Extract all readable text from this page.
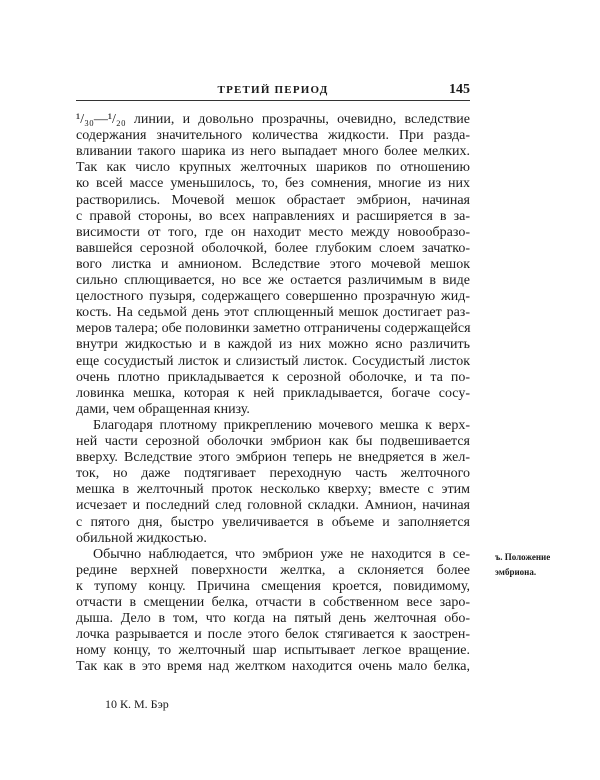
ТРЕТИЙ ПЕРИОД	145
¹/₃₀—¹/₂₀ линии, и довольно прозрачны, очевидно, вследствие
содержания значительного количества жидкости. При разда-
вливании такого шарика из него выпадает много более мелких.
Так как число крупных желточных шариков по отношению
ко всей массе уменьшилось, то, без сомнения, многие из них
растворились. Мочевой мешок обрастает эмбрион, начиная
с правой стороны, во всех направлениях и расширяется в за-
висимости от того, где он находит место между новообразо-
вавшейся серозной оболочкой, более глубоким слоем зачатко-
вого листка и амнионом. Вследствие этого мочевой мешок
сильно сплющивается, но все же остается различимым в виде
целостного пузыря, содержащего совершенно прозрачную жид-
кость. На седьмой день этот сплющенный мешок достигает раз-
меров талера; обе половинки заметно отграничены содержащейся
внутри жидкостью и в каждой из них можно ясно различить
еще сосудистый листок и слизистый листок. Сосудистый листок
очень плотно прикладывается к серозной оболочке, и та по-
ловинка мешка, которая к ней прикладывается, богаче сосу-
дами, чем обращенная книзу.
Благодаря плотному прикреплению мочевого мешка к верх-
ней части серозной оболочки эмбрион как бы подвешивается
вверху. Вследствие этого эмбрион теперь не внедряется в жел-
ток, но даже подтягивает переходную часть желточного
мешка в желточный проток несколько кверху; вместе с этим
исчезает и последний след головной складки. Амнион, начиная
с пятого дня, быстро увеличивается в объеме и заполняется
обильной жидкостью.
Обычно наблюдается, что эмбрион уже не находится в се-
редине верхней поверхности желтка, а склоняется более
к тупому концу. Причина смещения кроется, повидимому,
отчасти в смещении белка, отчасти в собственном весе заро-
дыша. Дело в том, что когда на пятый день желточная обо-
лочка разрывается и после этого белок стягивается к заострен-
ному концу, то желточный шар испытывает легкое вращение.
Так как в это время над желтком находится очень мало белка,
ъ. Положение
эмбриона.
10 К. М. Бэр
